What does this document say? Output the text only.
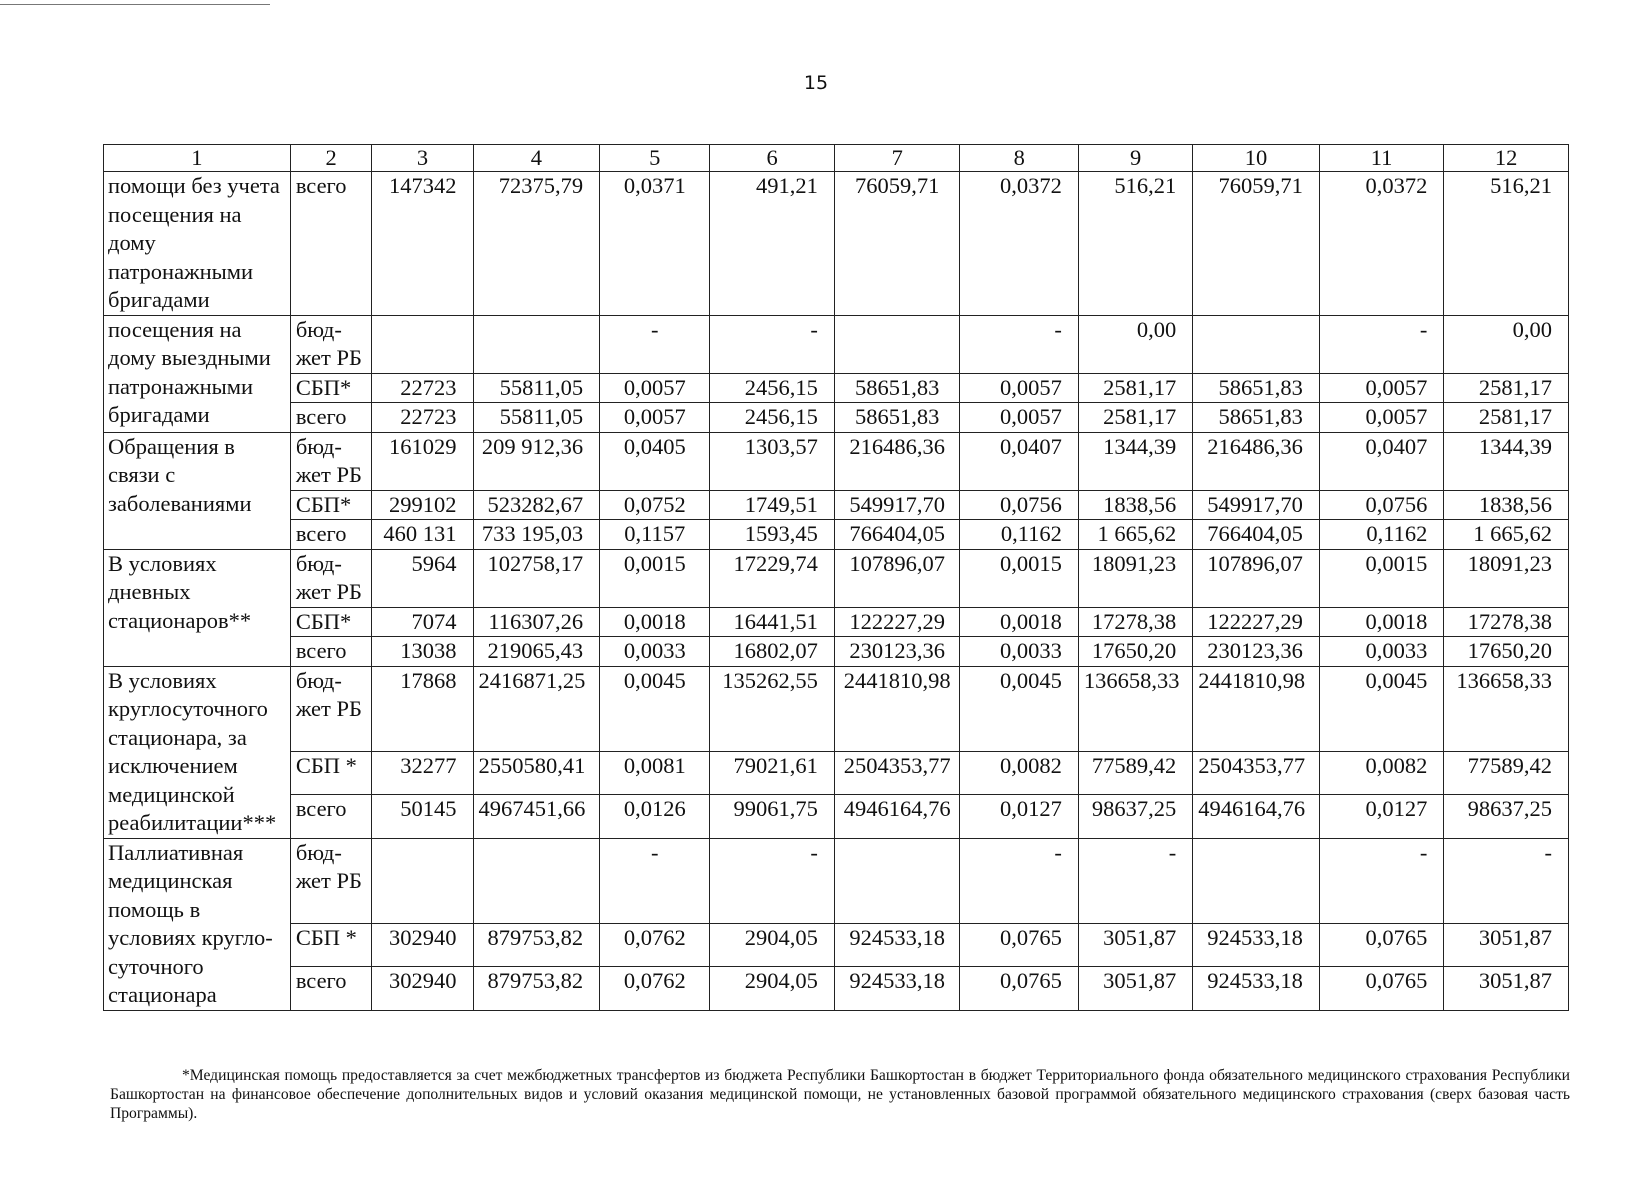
15
1	2	3	4	5	6	7	8	9	10	11	12
помощи без учета посещения на дому патронажными бригадами	всего	147342	72375,79	0,0371	491,21	76059,71	0,0372	516,21	76059,71	0,0372	516,21
посещения на дому выездными патронажными бригадами	бюд-жет РБ			-	-		-	0,00		-	0,00
	СБП*	22723	55811,05	0,0057	2456,15	58651,83	0,0057	2581,17	58651,83	0,0057	2581,17
	всего	22723	55811,05	0,0057	2456,15	58651,83	0,0057	2581,17	58651,83	0,0057	2581,17
Обращения в связи с заболеваниями	бюд-жет РБ	161029	209 912,36	0,0405	1303,57	216486,36	0,0407	1344,39	216486,36	0,0407	1344,39
	СБП*	299102	523282,67	0,0752	1749,51	549917,70	0,0756	1838,56	549917,70	0,0756	1838,56
	всего	460 131	733 195,03	0,1157	1593,45	766404,05	0,1162	1 665,62	766404,05	0,1162	1 665,62
В условиях дневных стационаров**	бюд-жет РБ	5964	102758,17	0,0015	17229,74	107896,07	0,0015	18091,23	107896,07	0,0015	18091,23
	СБП*	7074	116307,26	0,0018	16441,51	122227,29	0,0018	17278,38	122227,29	0,0018	17278,38
	всего	13038	219065,43	0,0033	16802,07	230123,36	0,0033	17650,20	230123,36	0,0033	17650,20
В условиях круглосуточного стационара, за исключением медицинской реабилитации***	бюд-жет РБ	17868	2416871,25	0,0045	135262,55	2441810,98	0,0045	136658,33	2441810,98	0,0045	136658,33
	СБП *	32277	2550580,41	0,0081	79021,61	2504353,77	0,0082	77589,42	2504353,77	0,0082	77589,42
	всего	50145	4967451,66	0,0126	99061,75	4946164,76	0,0127	98637,25	4946164,76	0,0127	98637,25
Паллиативная медицинская помощь в условиях кругло-суточного стационара	бюд-жет РБ			-	-		-	-		-	-
	СБП *	302940	879753,82	0,0762	2904,05	924533,18	0,0765	3051,87	924533,18	0,0765	3051,87
	всего	302940	879753,82	0,0762	2904,05	924533,18	0,0765	3051,87	924533,18	0,0765	3051,87
*Медицинская помощь предоставляется за счет межбюджетных трансфертов из бюджета Республики Башкортостан в бюджет Территориального фонда обязательного медицинского страхования Республики Башкортостан на финансовое обеспечение дополнительных видов и условий оказания медицинской помощи, не установленных базовой программой обязательного медицинского страхования (сверх базовая часть Программы).
